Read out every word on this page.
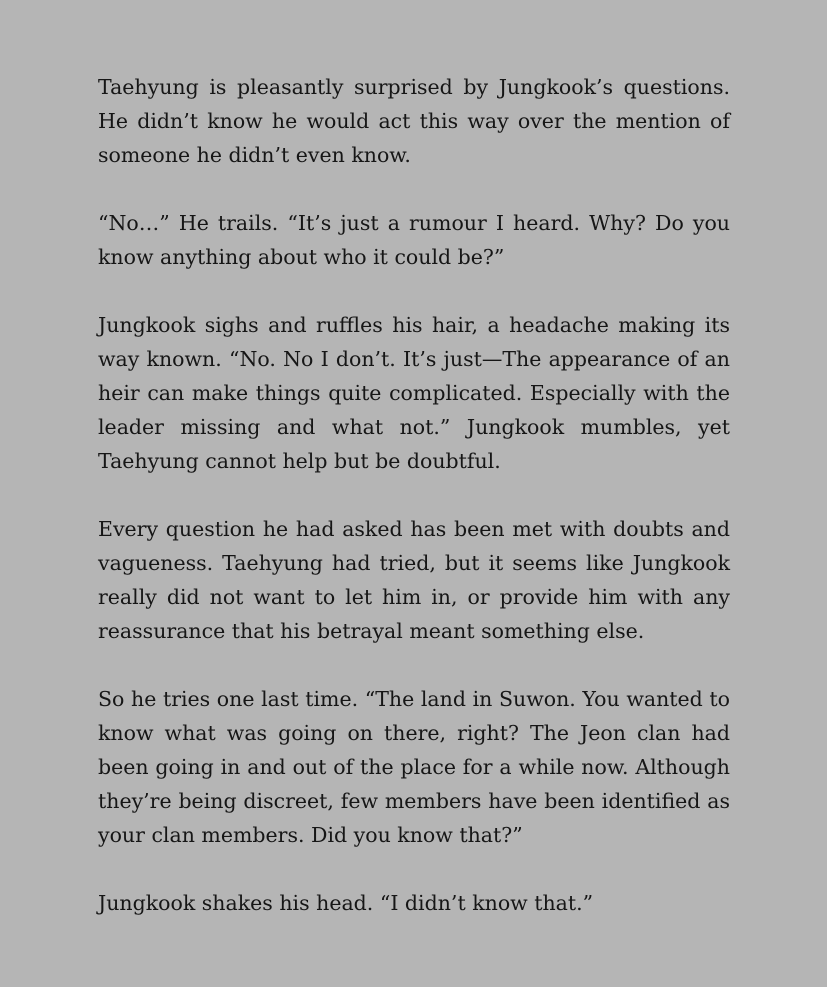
Taehyung is pleasantly surprised by Jungkook’s questions. He didn’t know he would act this way over the mention of someone he didn’t even know.

“No…” He trails. “It’s just a rumour I heard. Why? Do you know anything about who it could be?”

Jungkook sighs and ruffles his hair, a headache making its way known. “No. No I don’t. It’s just—The appearance of an heir can make things quite complicated. Especially with the leader missing and what not.” Jungkook mumbles, yet Taehyung cannot help but be doubtful.

Every question he had asked has been met with doubts and vagueness. Taehyung had tried, but it seems like Jungkook really did not want to let him in, or provide him with any reassurance that his betrayal meant something else.

So he tries one last time. “The land in Suwon. You wanted to know what was going on there, right? The Jeon clan had been going in and out of the place for a while now. Although they’re being discreet, few members have been identified as your clan members. Did you know that?”

Jungkook shakes his head. “I didn’t know that.”
